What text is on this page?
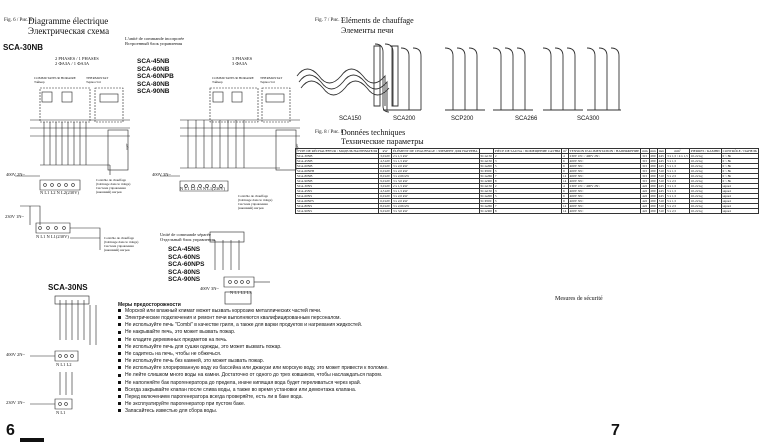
Fig. 6 / Рис. 6
Diagramme électrique
Электрическая схема
SCA-30NB
2 PHASES / 1 PHASES
2 ФАЗА / 1 ФАЗА
L'unité de commande incorporée
Встроенный блок управления
SCA-45NB
SCA-60NB
SCA-60NPB
SCA-80NB
SCA-90NB
3 PHASES
3 ФАЗА
COMMUTATEUR HORAIRE
Таймер
THERMOSTAT
Термостат
COMMUTATEUR HORAIRE
Таймер
THERMOSTAT
Термостат
ЩИТ	ЩИТ
400V 2N~
N L1 L2 N L2(230V)
400V 3N~
N L1 L2 L3 N L1(230V)
Contrôle de chauffage
(bobinage dans le ridage)
Система управления
(внешний) нагрев
Contrôle de chauffage
(bobinage dans le ridage)
Система управления
(внешний) нагрев
230V 1N~
N L1 N L1(230V)	Contrôle de chauffage
(bobinage dans le ridage)
Система управления
(внешний) нагрев
Unité de commande séparée
Отдельный блок управления
SCA-45NS
SCA-60NS
SCA-60NPS
SCA-80NS
SCA-90NS
400V 3N~
N L1 L2 L3
SCA-30NS
400V 2N~
N L1 L2
230V 1N~
N L1
6
Fig. 7 / Рис. 7
Eléments de chauffage
Элементы печи
SCA150	SCA200	SCP200	SCA266	SCA300
Fig. 8 / Рис. 8
Données techniques
Технические параметры
TYPE DE RÉCHAUFFEUR / МОДЕЛЬ НАГРЕВАТЕЛЯ	kW	ÉLÉMENT DE CHAUFFAGE / ЭЛЕМЕНТ ДЛЯ НАГРЕВА		PIÈCE DE SAUNA / ПОМЕЩЕНИЕ САУНЫ	m³	TENSION D'ALIMENTATION / НАПРЯЖЕНИЕ	mm	mm	mm	mm²	PIERRES / КАМНИ	CONTRÔLE / ПАНЕЛЬ
SCA-30NB	3,0 kW	2 x 1,5 kW	SCA150	2	4	230V 1N~ / 400V 2N~	315	280	445	3 x 1,5 / 4 x 1,5	10-22 kg	0 ~ 8h
SCA-45NB	4,5 kW	3 x 1,5 kW	SCA150	3	6	400V 3N~	315	280	445	5 x 1,5	10-22 kg	0 ~ 8h
SCA-60NB	6,0 kW	3 x 2,0 kW	SCA200	5	9	400V 3N~	315	280	445	5 x 1,5	10-22 kg	0 ~ 8h
SCA-60NPB	6,0 kW	3 x 2,0 kW	SCP200	5	9	400V 3N~	315	280	510	5 x 1,5	10-22 kg	0 ~ 8h
SCA-80NB	8,0 kW	3 x 2,66 kW	SCA266	7	12	400V 3N~	315	280	510	5 x 2,5	10-22 kg	0 ~ 8h
SCA-90NB	9,0 kW	3 x 3,0 kW	SCA300	8	14	400V 3N~	315	280	510	5 x 2,5	10-22 kg	0 ~ 8h
SCA-30NS	3,0 kW	2 x 1,5 kW	SCA150	2	4	230V 1N~ / 400V 2N~	422	280	445	3 x 1,5	10-22 kg	séparé
SCA-45NS	4,5 kW	3 x 1,5 kW	SCA150	3	6	400V 3N~	422	280	445	5 x 1,5	10-22 kg	séparé
SCA-60NS	6,0 kW	3 x 2,0 kW	SCA200	5	9	400V 3N~	422	280	445	5 x 1,5	10-22 kg	séparé
SCA-60NPS	6,0 kW	3 x 2,0 kW	SCP200	5	9	400V 3N~	422	280	510	5 x 1,5	10-22 kg	séparé
SCA-80NS	8,0 kW	3 x 2,66 kW	SCA266	7	12	400V 3N~	422	280	510	5 x 2,5	10-22 kg	séparé
SCA-90NS	9,0 kW	3 x 3,0 kW	SCA300	8	14	400V 3N~	422	280	510	5 x 2,5	10-22 kg	séparé
Mesures de sécurité
7
Меры предосторожности
Морской или влажный климат может вызвать коррозию металлических частей печи.
Электрические подключения и ремонт печи выполняются квалифицированным персоналом.
Не используйте печь "Combi" в качестве гриля, а также для варки продуктов и нагревания жидкостей.
Не накрывайте печь, это может вызвать пожар.
Не кладите деревянных предметов на печь.
Не используйте печь для сушки одежды, это может вызвать пожар.
Не садитесь на печь, чтобы не обжечься.
Не используйте печь без камней, это может вызвать пожар.
Не используйте хлорированную воду из бассейна или джакузи или морскую воду, это может привести к поломке.
Не лейте слишком много воды на камни. Достаточно от одного до трех ковшиков, чтобы наслаждаться паром.
Не наполняйте бак парогенератора до предела, иначе кипящая вода будет переливаться через край.
Всегда закрывайте клапан после слива воды, а также во время установки или демонтажа клапана.
Перед включением парогенератора всегда проверяйте, есть ли в баке вода.
Не эксплуатируйте парогенератор при пустом баке.
Запасайтесь известью для сбора воды.
